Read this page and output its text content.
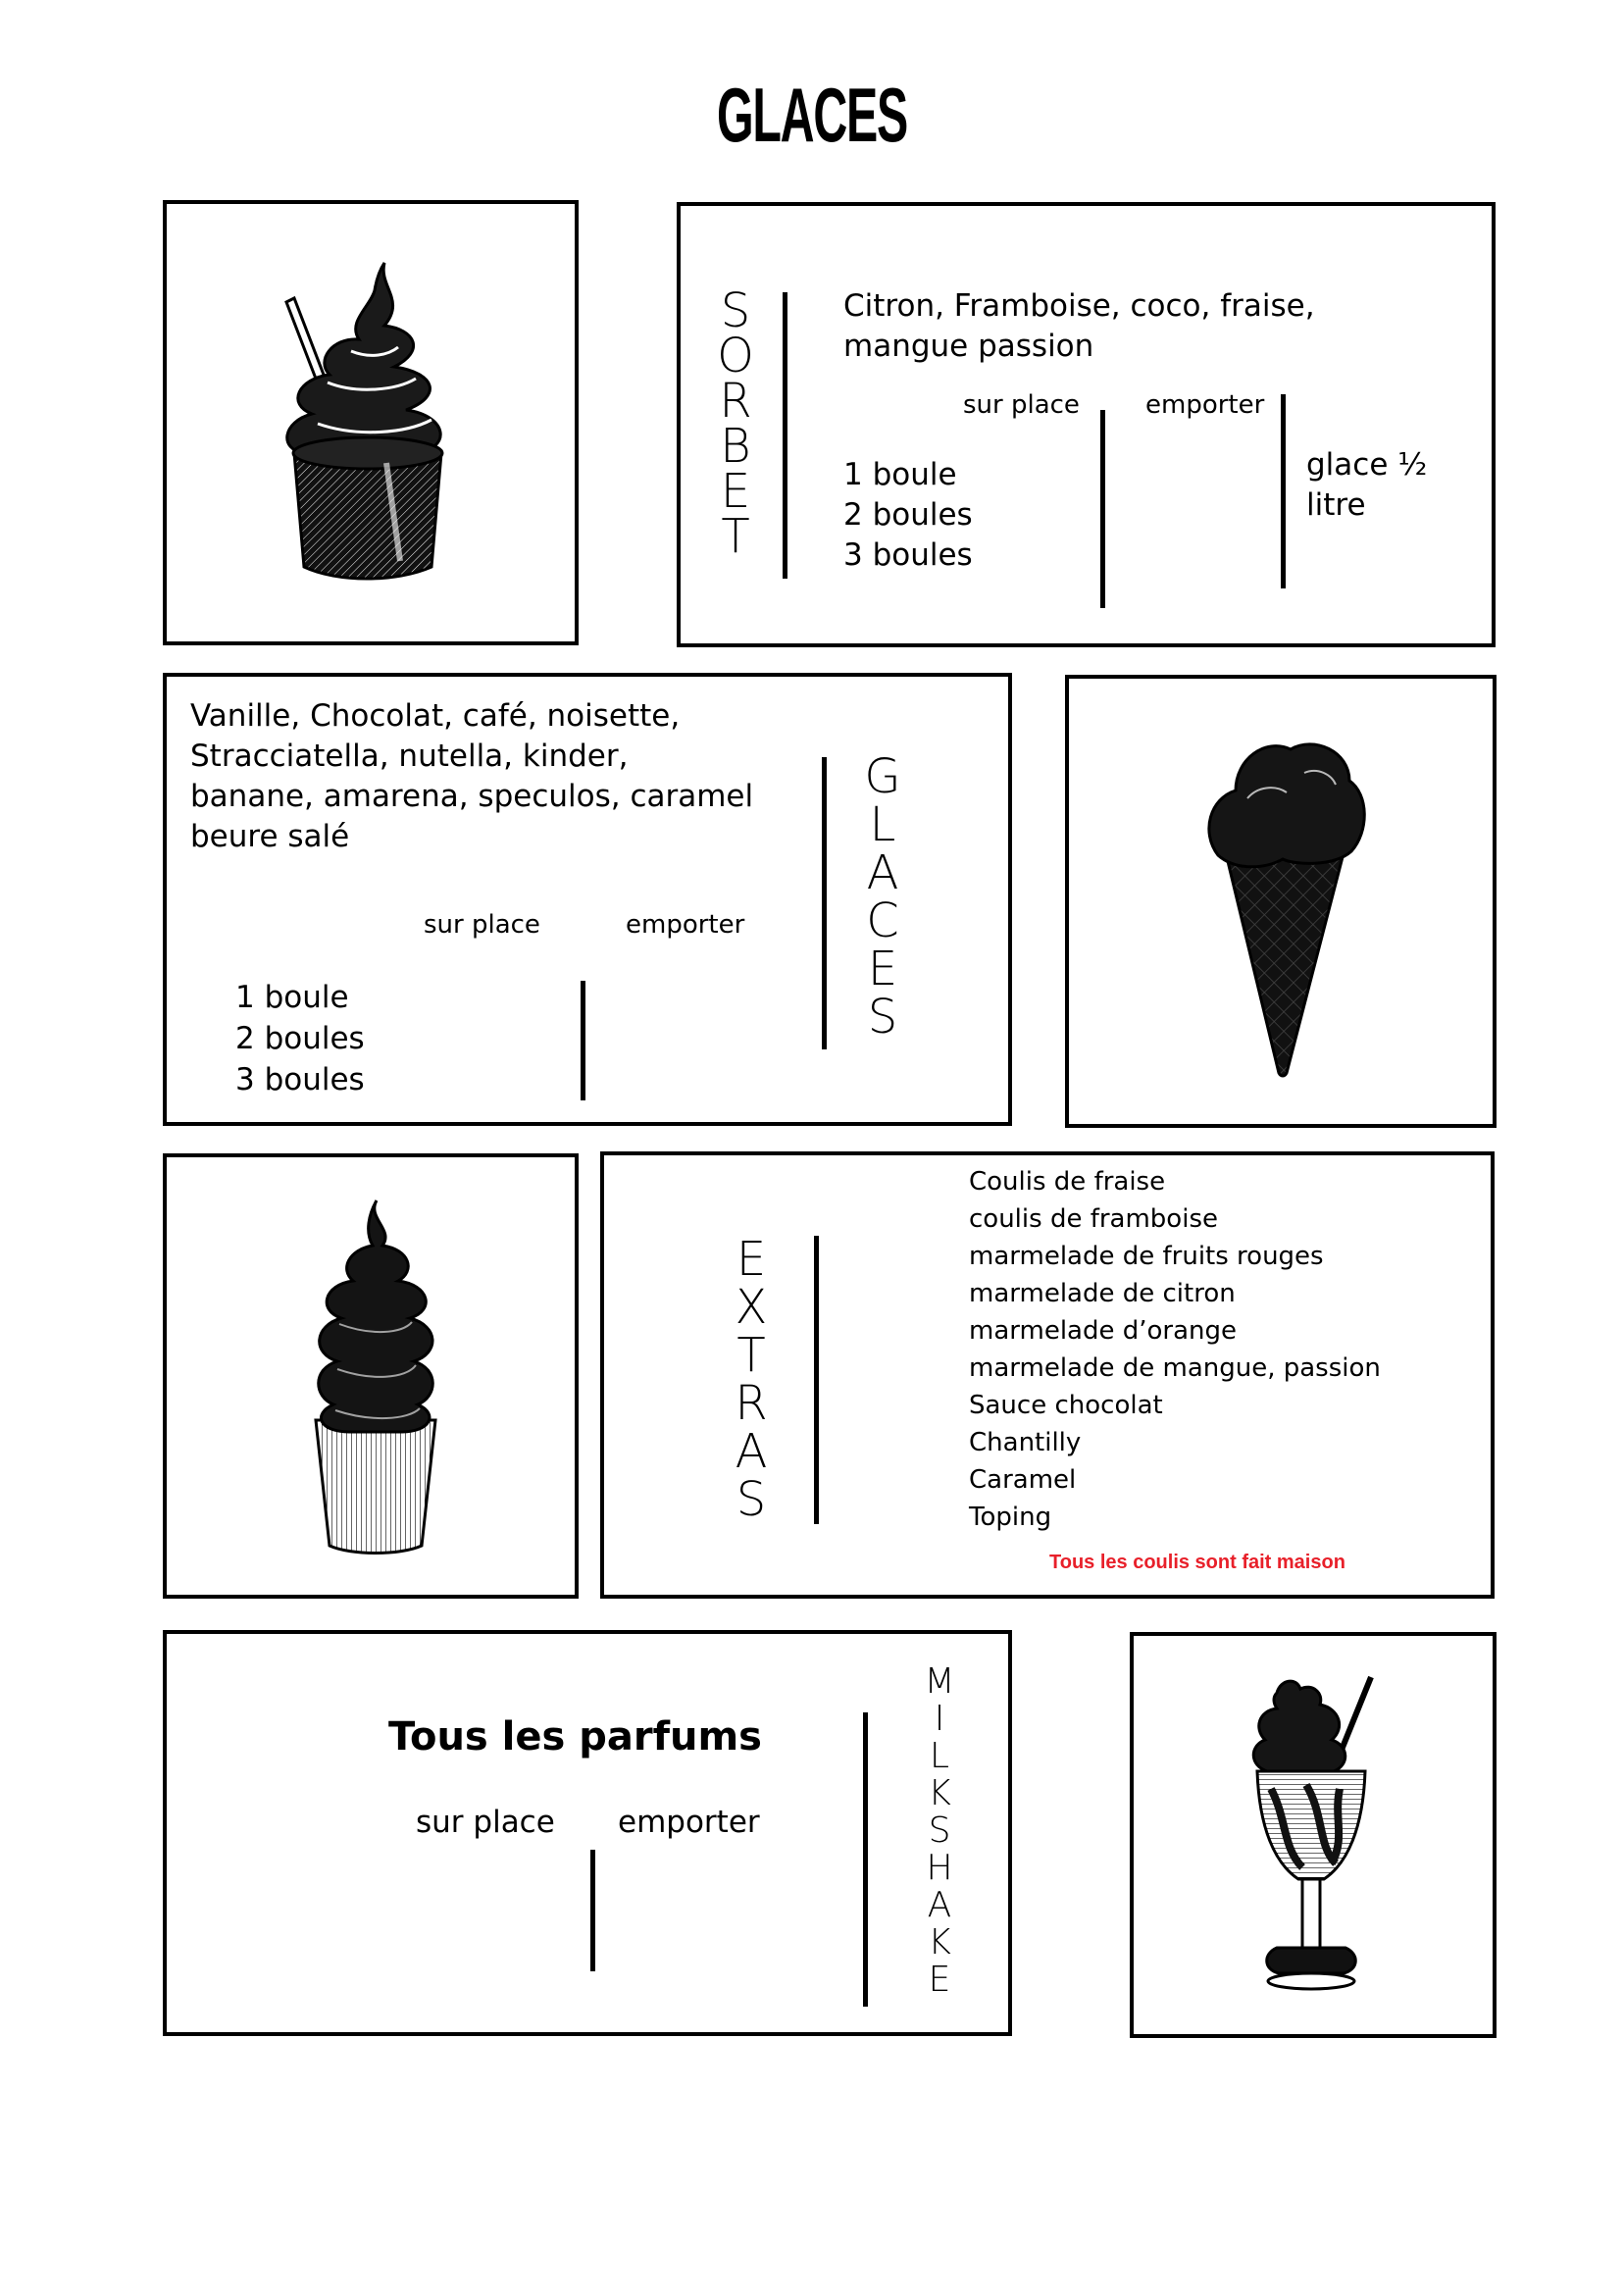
GLACES
S
O
R
B
E
T
Citron, Framboise, coco, fraise,
mangue passion
sur place	emporter
1 boule
2 boules
3 boules
glace ½ litre
Vanille, Chocolat, café, noisette,
Stracciatella, nutella, kinder,
banane, amarena, speculos, caramel
beure salé
sur place	emporter
1 boule
2 boules
3 boules
G
L
A
C
E
S
E
X
T
R
A
S
Coulis de fraise
coulis de framboise
marmelade de fruits rouges
marmelade de citron
marmelade d’orange
marmelade de mangue, passion
Sauce chocolat
Chantilly
Caramel
Toping
Tous les coulis sont fait maison
Tous les parfums
sur place emporter
M
I
L
K
S
H
A
K
E
